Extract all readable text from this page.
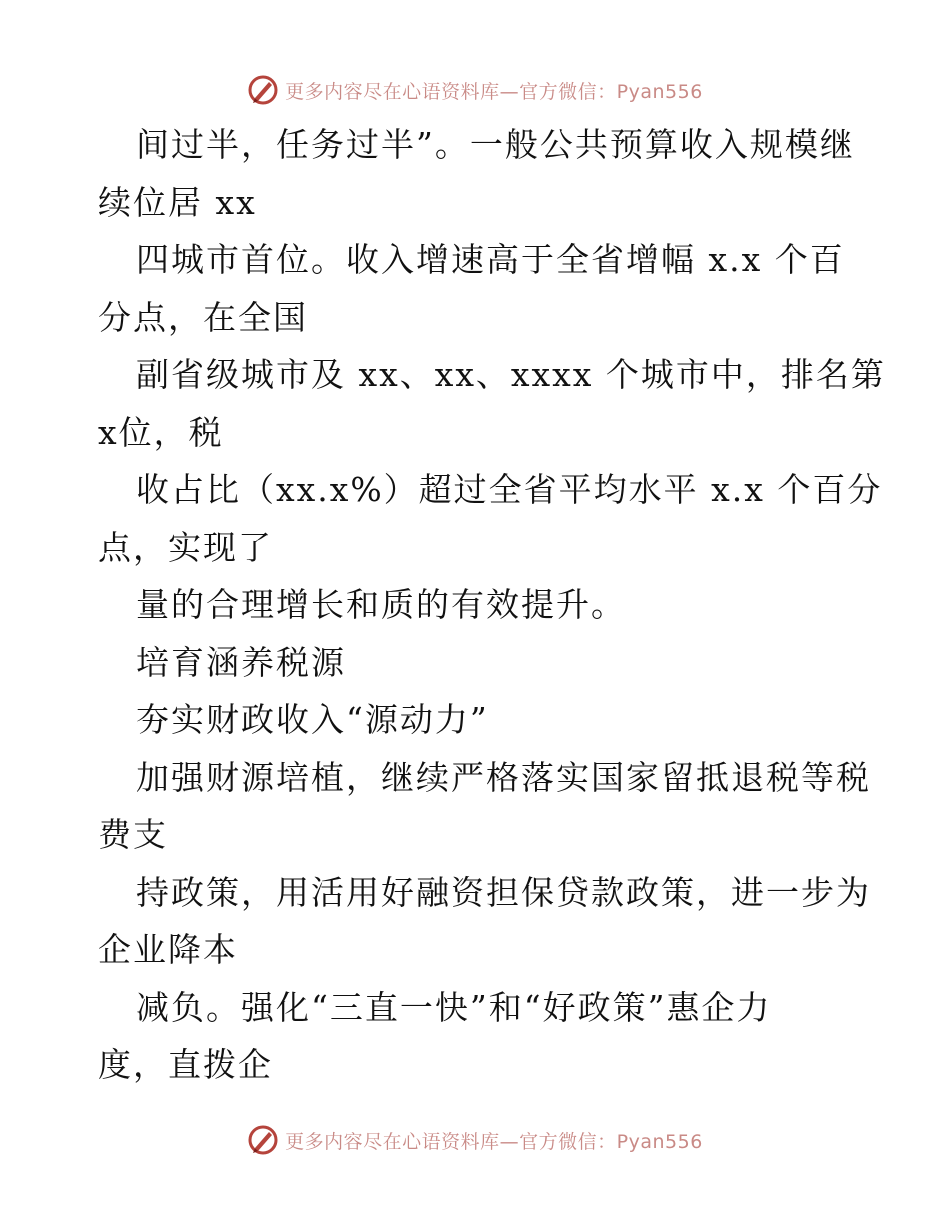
更多内容尽在心语资料库—官方微信：Pyan556
间过半，任务过半”。一般公共预算收入规模继
续位居 xx
四城市首位。收入增速高于全省增幅 x.x 个百
分点，在全国
副省级城市及 xx、xx、xxxx 个城市中，排名第
x位，税
收占比（xx.x%）超过全省平均水平 x.x 个百分
点，实现了
量的合理增长和质的有效提升。
培育涵养税源
夯实财政收入“源动力”
加强财源培植，继续严格落实国家留抵退税等税
费支
持政策，用活用好融资担保贷款政策，进一步为
企业降本
减负。强化“三直一快”和“好政策”惠企力
度，直拨企
更多内容尽在心语资料库—官方微信：Pyan556
